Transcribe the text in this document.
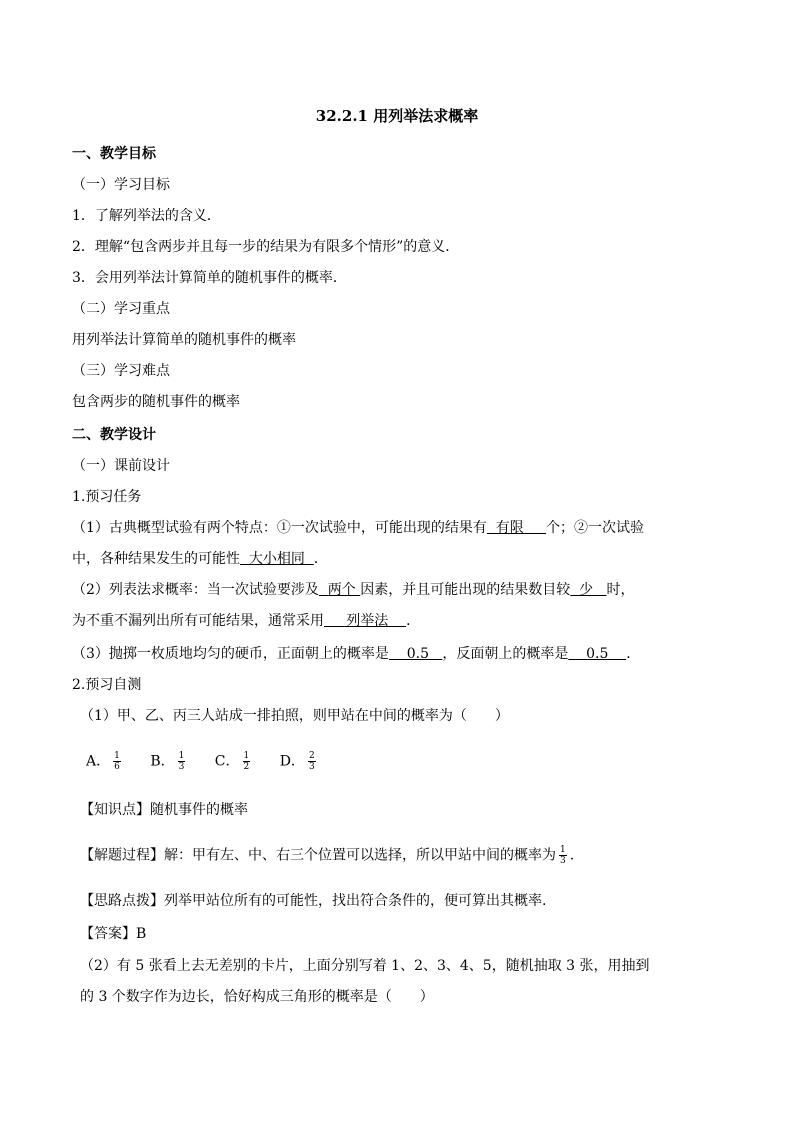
32.2.1 用列举法求概率
一、教学目标
（一）学习目标
1．了解列举法的含义．
2．理解“包含两步并且每一步的结果为有限多个情形”的意义．
3．会用列举法计算简单的随机事件的概率．
（二）学习重点
用列举法计算简单的随机事件的概率
（三）学习难点
包含两步的随机事件的概率
二、教学设计
（一）课前设计
1.预习任务
（1）古典概型试验有两个特点：①一次试验中，可能出现的结果有  有限     个；②一次试验
中，各种结果发生的可能性  大小相同  ．
（2）列表法求概率：当一次试验要涉及  两个 因素，并且可能出现的结果数目较  少   时，
为不重不漏列出所有可能结果，通常采用     列举法    ．
（3）抛掷一枚质地均匀的硬币，正面朝上的概率是    0.5   ，反面朝上的概率是    0.5    ．
2.预习自测
（1）甲、乙、丙三人站成一排拍照，则甲站在中间的概率为（　　）
A． $\frac{1}{6}$ B． $\frac{1}{3}$ C． $\frac{1}{2}$ D． $\frac{2}{3}$
【知识点】随机事件的概率
【解题过程】解：甲有左、中、右三个位置可以选择，所以甲站中间的概率为 $\frac{1}{3}$ .
【思路点拨】列举甲站位所有的可能性，找出符合条件的，便可算出其概率.
【答案】B
（2）有 5 张看上去无差别的卡片，上面分别写着 1、2、3、4、5，随机抽取 3 张，用抽到
的 3 个数字作为边长，恰好构成三角形的概率是（　　）
